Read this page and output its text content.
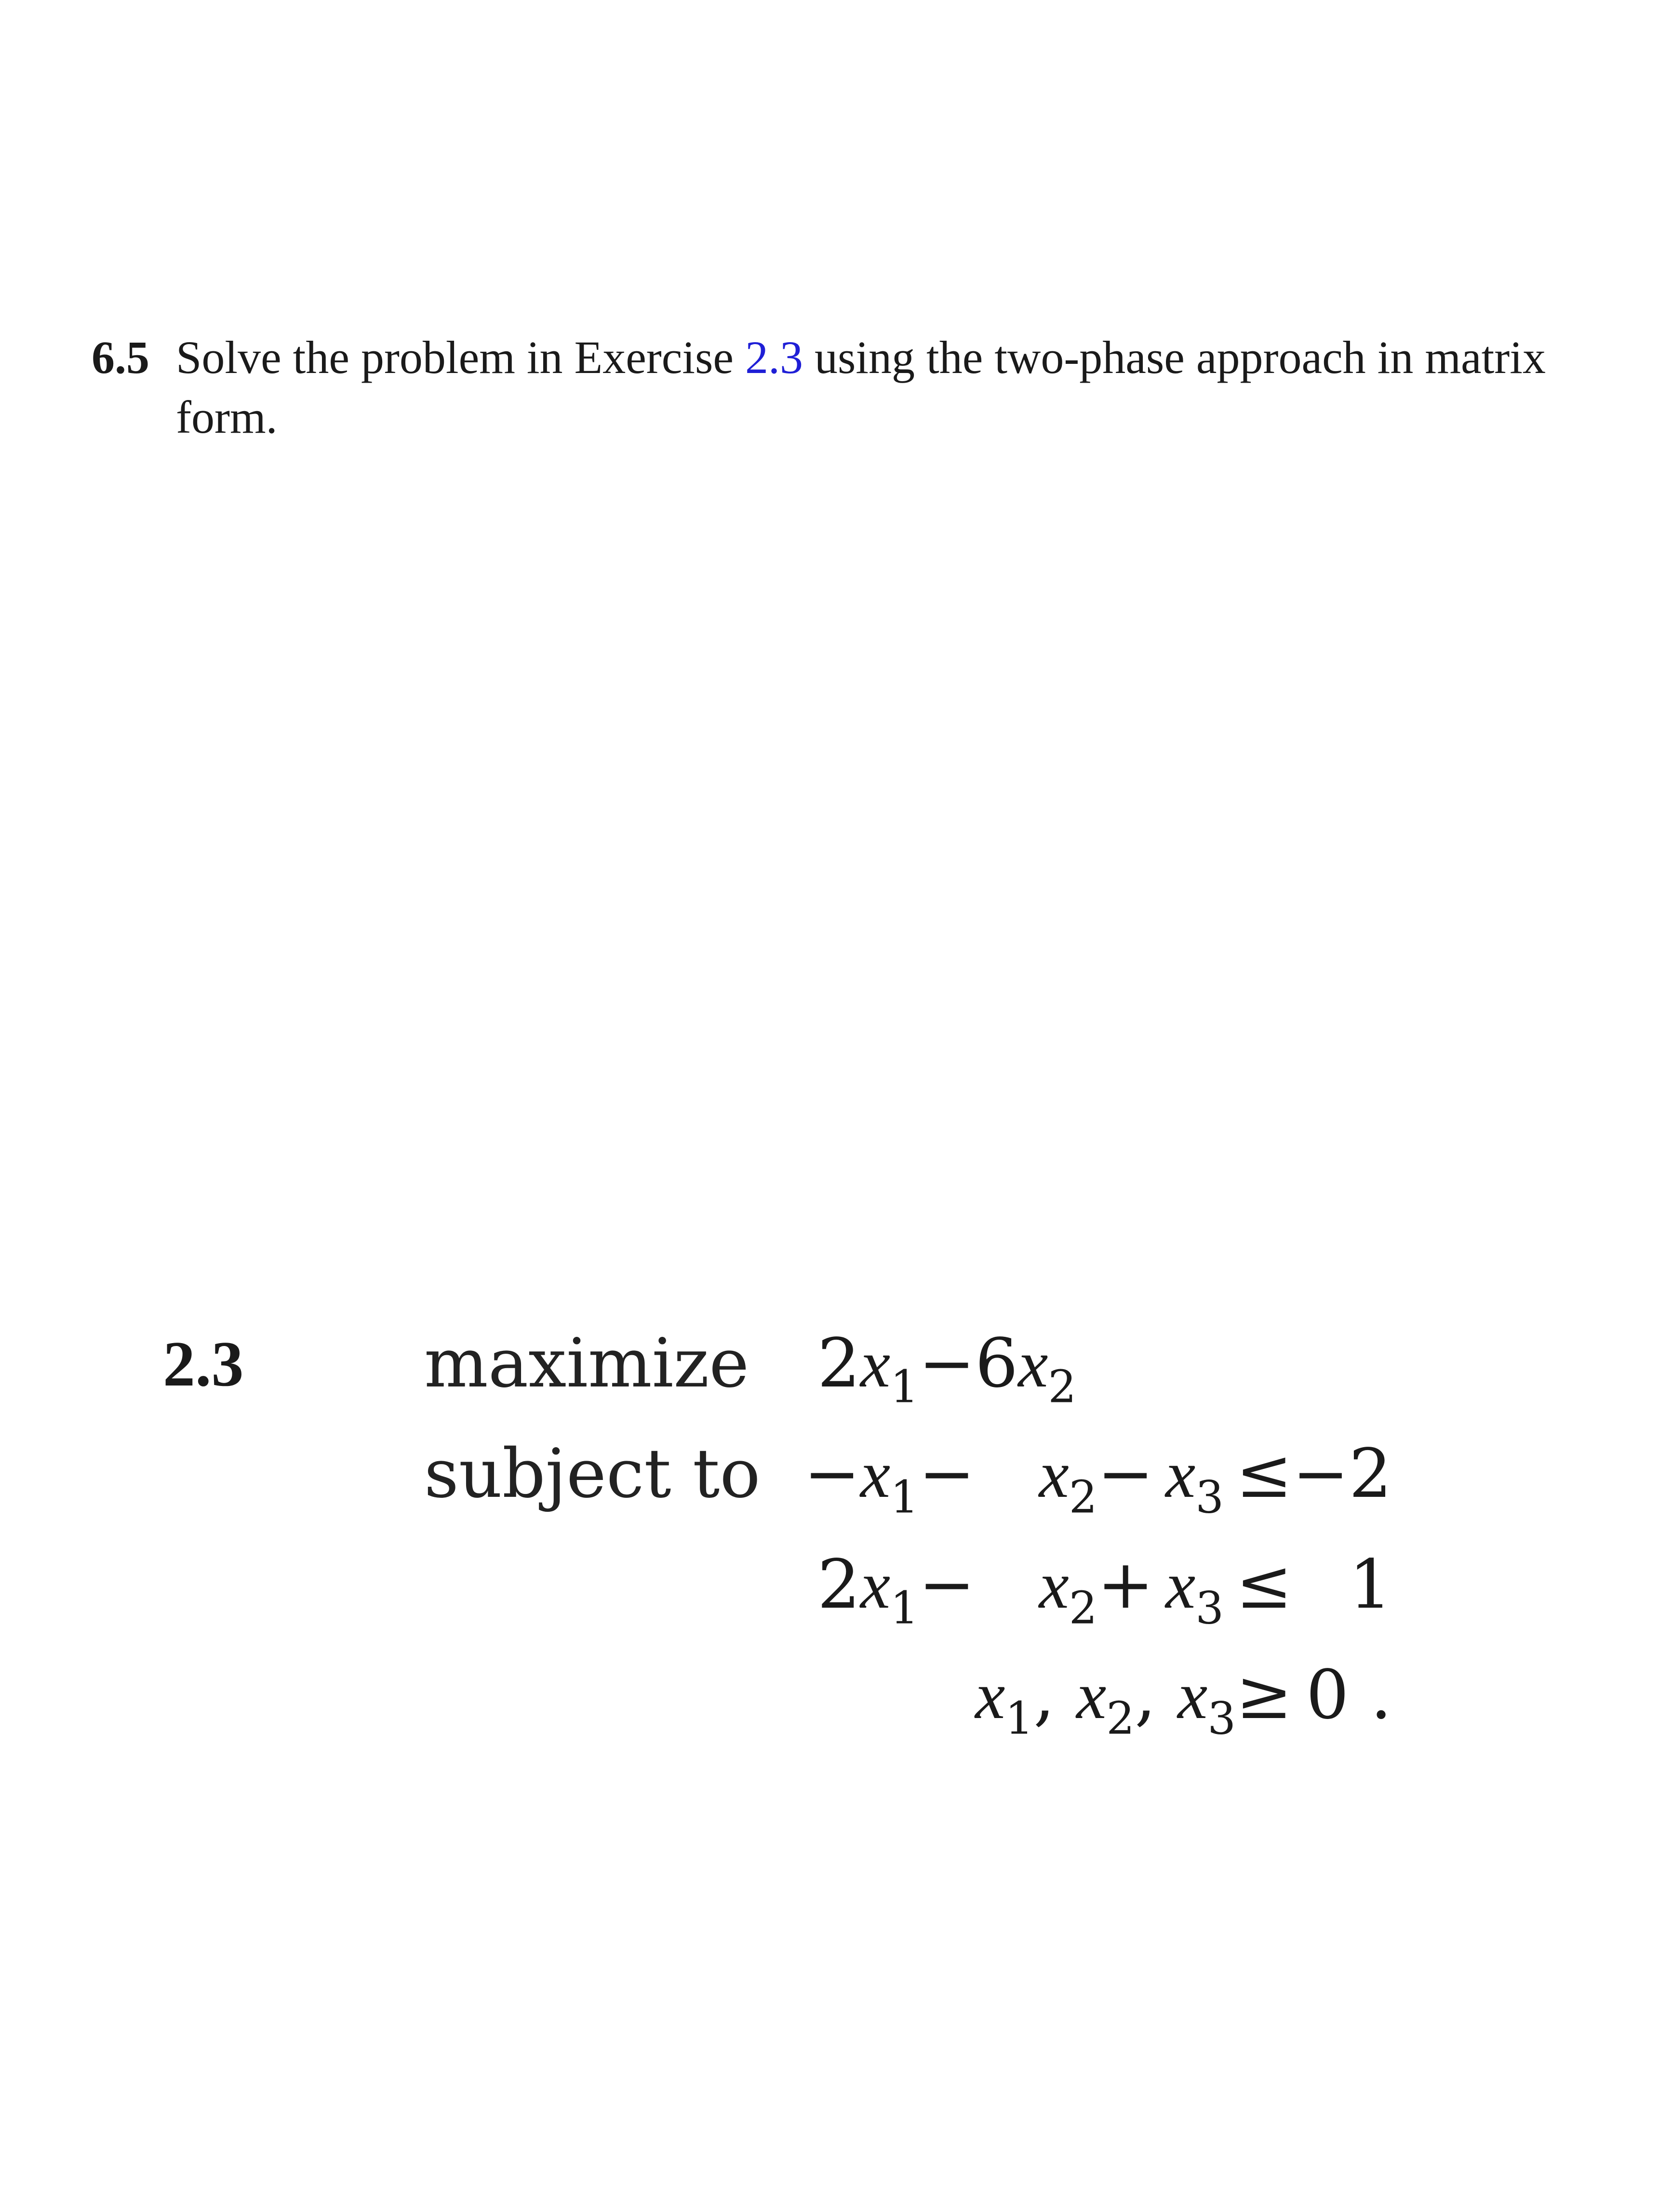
6.5 Solve the problem in Exercise 2.3 using the two-phase approach in matrix form.
2.3	maximize	$2x_1$	−	$6x_2$				
subject to	$-x_1$	−	$x_2$	−	$x_3$	≤	−2
	$2x_1$	−	$x_2$	+	$x_3$	≤	1
			$x_1$, $x_2$, $x_3$			≥	0 .
